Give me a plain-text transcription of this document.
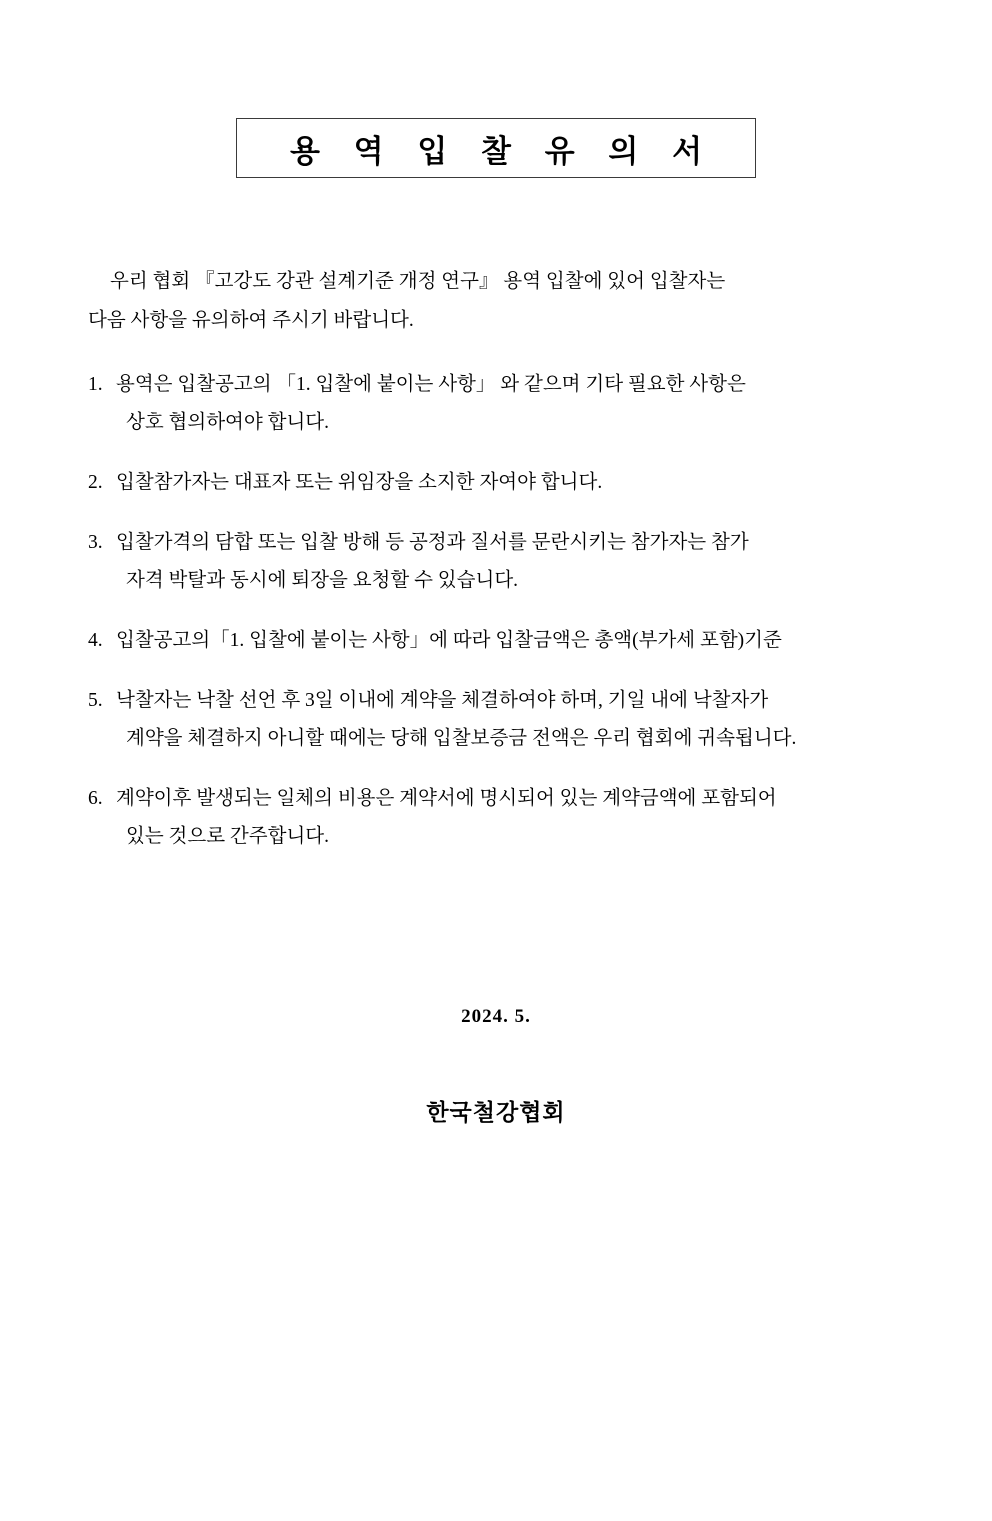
용 역 입 찰 유 의 서
우리 협회 『고강도 강관 설계기준 개정 연구』 용역 입찰에 있어 입찰자는
다음 사항을 유의하여 주시기 바랍니다.
1. 용역은 입찰공고의 「1. 입찰에 붙이는 사항」 와 같으며 기타 필요한 사항은
상호 협의하여야 합니다.
2. 입찰참가자는 대표자 또는 위임장을 소지한 자여야 합니다.
3. 입찰가격의 담합 또는 입찰 방해 등 공정과 질서를 문란시키는 참가자는 참가
자격 박탈과 동시에 퇴장을 요청할 수 있습니다.
4. 입찰공고의「1. 입찰에 붙이는 사항」에 따라 입찰금액은 총액(부가세 포함)기준
5. 낙찰자는 낙찰 선언 후 3일 이내에 계약을 체결하여야 하며, 기일 내에 낙찰자가
계약을 체결하지 아니할 때에는 당해 입찰보증금 전액은 우리 협회에 귀속됩니다.
6. 계약이후 발생되는 일체의 비용은 계약서에 명시되어 있는 계약금액에 포함되어
있는 것으로 간주합니다.
2024. 5.
한국철강협회
